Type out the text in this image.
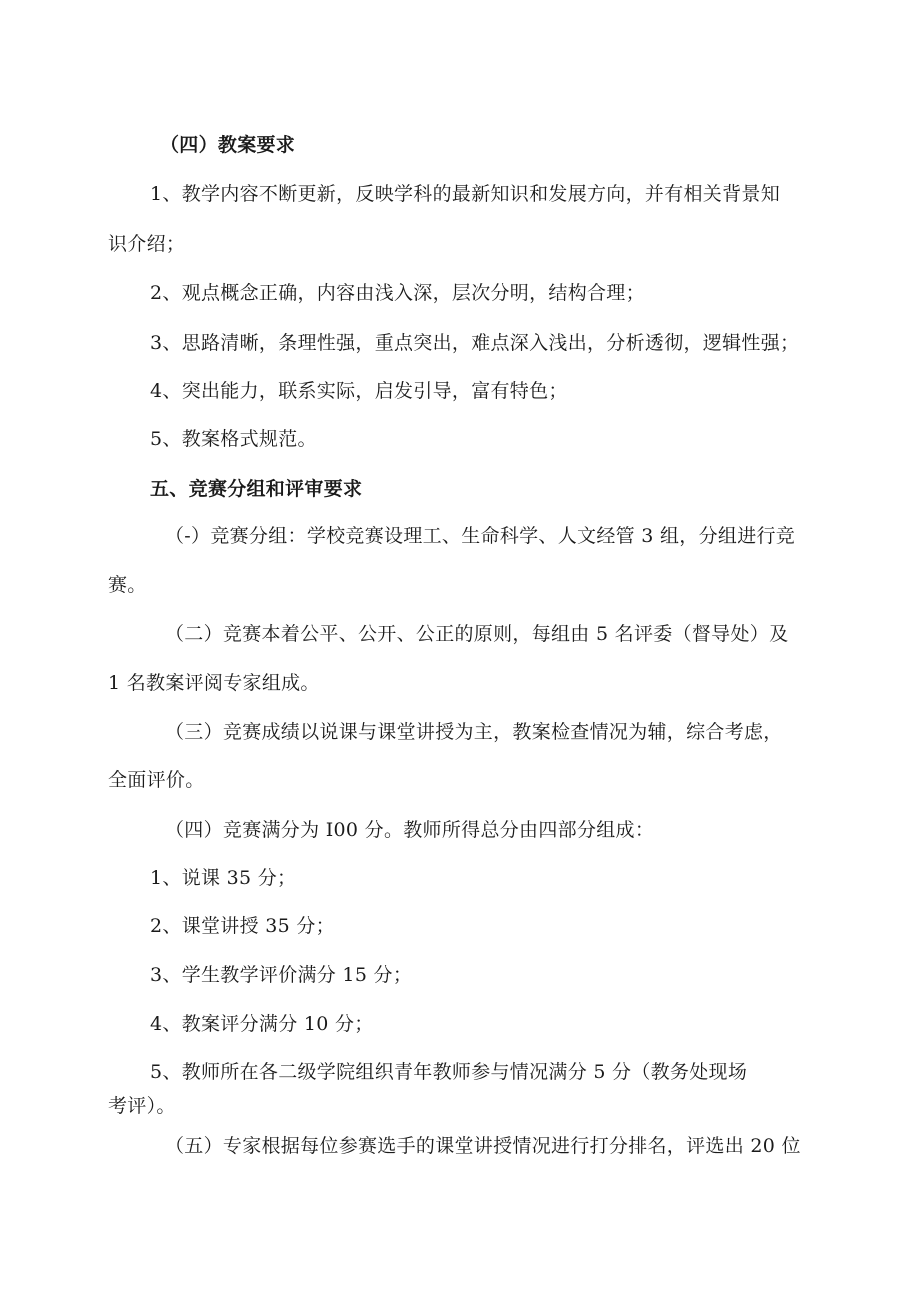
（四）教案要求
1、教学内容不断更新，反映学科的最新知识和发展方向，并有相关背景知
识介绍；
2、观点概念正确，内容由浅入深，层次分明，结构合理；
3、思路清晰，条理性强，重点突出，难点深入浅出，分析透彻，逻辑性强；
4、突出能力，联系实际，启发引导，富有特色；
5、教案格式规范。
五、竞赛分组和评审要求
（-）竞赛分组：学校竞赛设理工、生命科学、人文经管 3 组，分组进行竞
赛。
（二）竞赛本着公平、公开、公正的原则，每组由 5 名评委（督导处）及
1 名教案评阅专家组成。
（三）竞赛成绩以说课与课堂讲授为主，教案检查情况为辅，综合考虑，
全面评价。
（四）竞赛满分为 I00 分。教师所得总分由四部分组成：
1、说课 35 分；
2、课堂讲授 35 分；
3、学生教学评价满分 15 分；
4、教案评分满分 10 分；
5、教师所在各二级学院组织青年教师参与情况满分 5 分（教务处现场
考评）。
（五）专家根据每位参赛选手的课堂讲授情况进行打分排名，评选出 20 位
